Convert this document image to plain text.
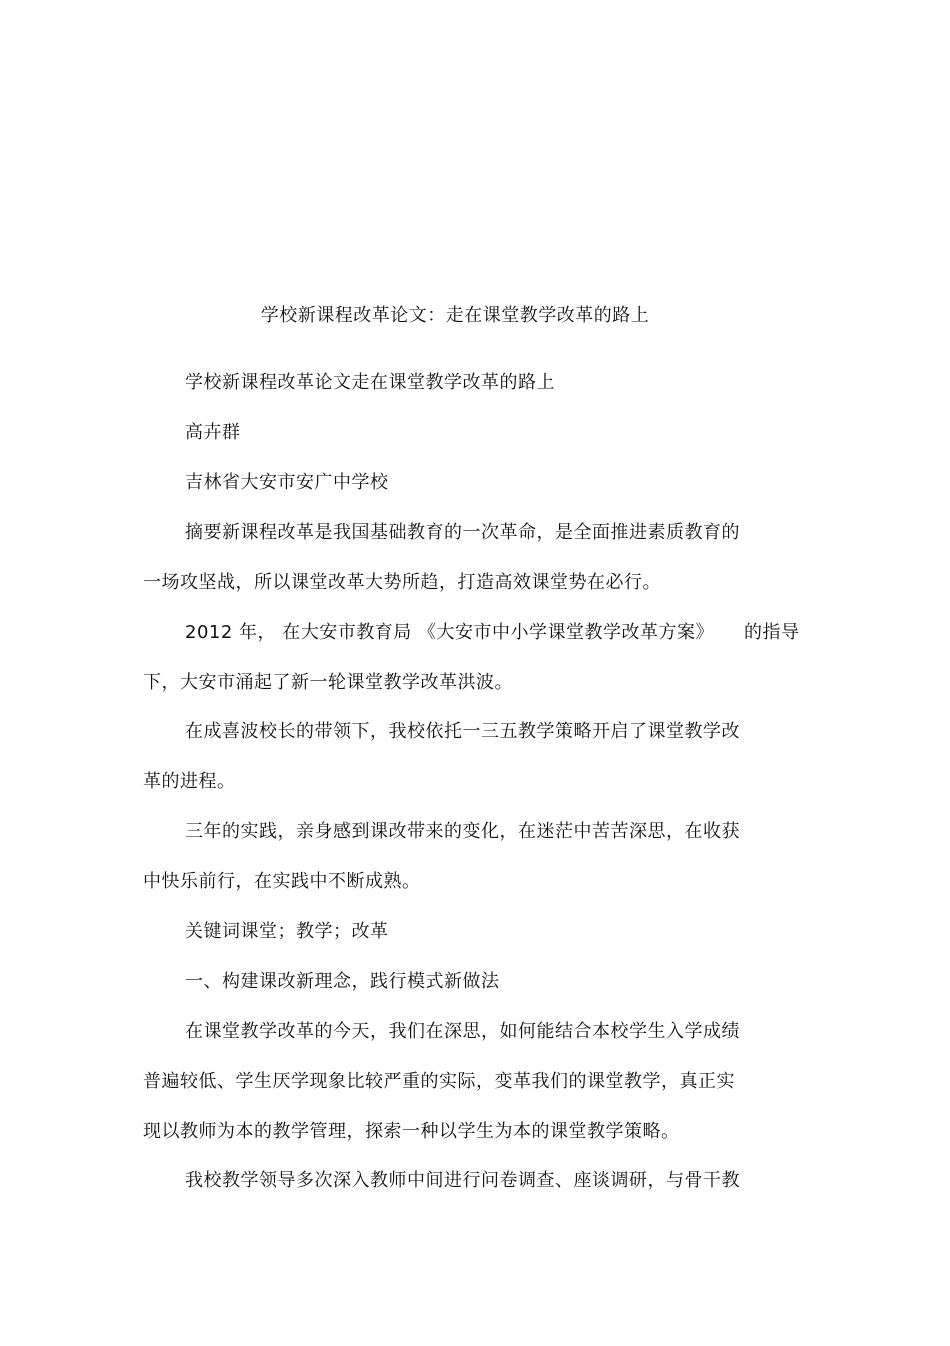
学校新课程改革论文：走在课堂教学改革的路上
学校新课程改革论文走在课堂教学改革的路上
高卉群
吉林省大安市安广中学校
摘要新课程改革是我国基础教育的一次革命，是全面推进素质教育的
一场攻坚战，所以课堂改革大势所趋，打造高效课堂势在必行。
2012 年， 在大安市教育局 《大安市中小学课堂教学改革方案》 的指导
下，大安市涌起了新一轮课堂教学改革洪波。
在成喜波校长的带领下，我校依托一三五教学策略开启了课堂教学改
革的进程。
三年的实践，亲身感到课改带来的变化，在迷茫中苦苦深思，在收获
中快乐前行，在实践中不断成熟。
关键词课堂；教学；改革
一、构建课改新理念，践行模式新做法
在课堂教学改革的今天，我们在深思，如何能结合本校学生入学成绩
普遍较低、学生厌学现象比较严重的实际，变革我们的课堂教学，真正实
现以教师为本的教学管理，探索一种以学生为本的课堂教学策略。
我校教学领导多次深入教师中间进行问卷调查、座谈调研，与骨干教
